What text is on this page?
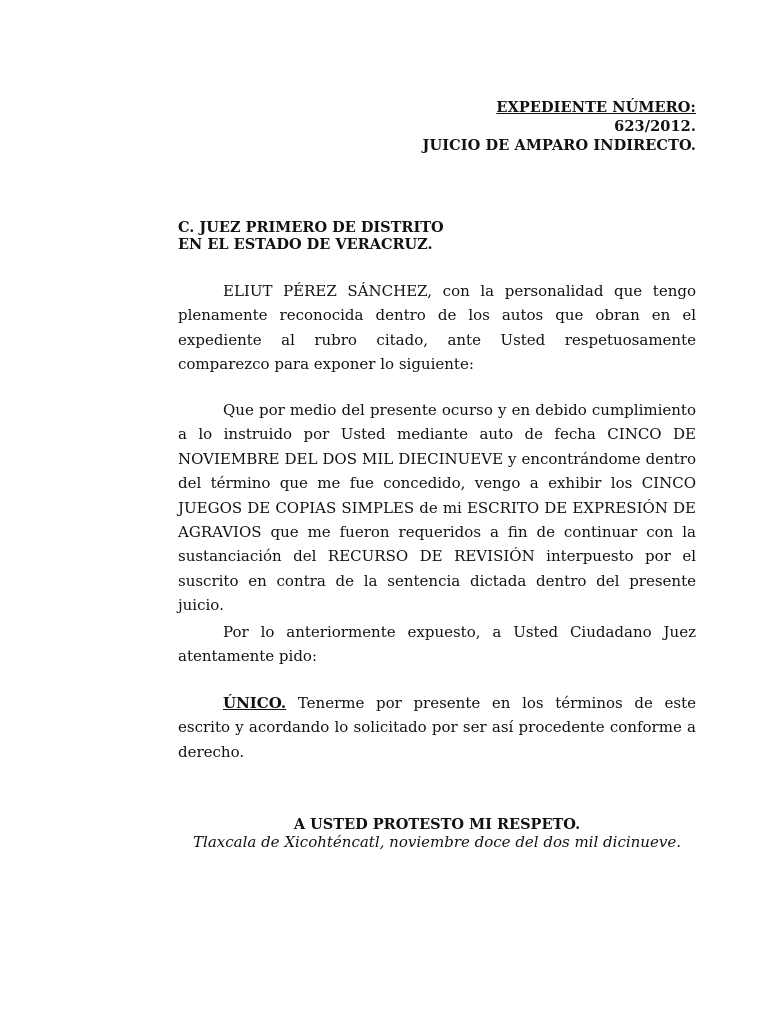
EXPEDIENTE NÚMERO:
623/2012.
JUICIO DE AMPARO INDIRECTO.
C. JUEZ PRIMERO DE DISTRITO
EN EL ESTADO DE VERACRUZ.
ELIUT PÉREZ SÁNCHEZ, con la personalidad que tengo plenamente reconocida dentro de los autos que obran en el expediente al rubro citado, ante Usted respetuosamente comparezco para exponer lo siguiente:
Que por medio del presente ocurso y en debido cumplimiento a lo instruido por Usted mediante auto de fecha CINCO DE NOVIEMBRE DEL DOS MIL DIECINUEVE y encontrándome dentro del término que me fue concedido, vengo a exhibir los CINCO JUEGOS DE COPIAS SIMPLES de mi ESCRITO DE EXPRESIÓN DE AGRAVIOS que me fueron requeridos a fin de continuar con la sustanciación del RECURSO DE REVISIÓN interpuesto por el suscrito en contra de la sentencia dictada dentro del presente juicio.
Por lo anteriormente expuesto, a Usted Ciudadano Juez atentamente pido:
ÚNICO. Tenerme por presente en los términos de este escrito y acordando lo solicitado por ser así procedente conforme a derecho.
A USTED PROTESTO MI RESPETO.
Tlaxcala de Xicohténcatl, noviembre doce del dos mil dicinueve.
